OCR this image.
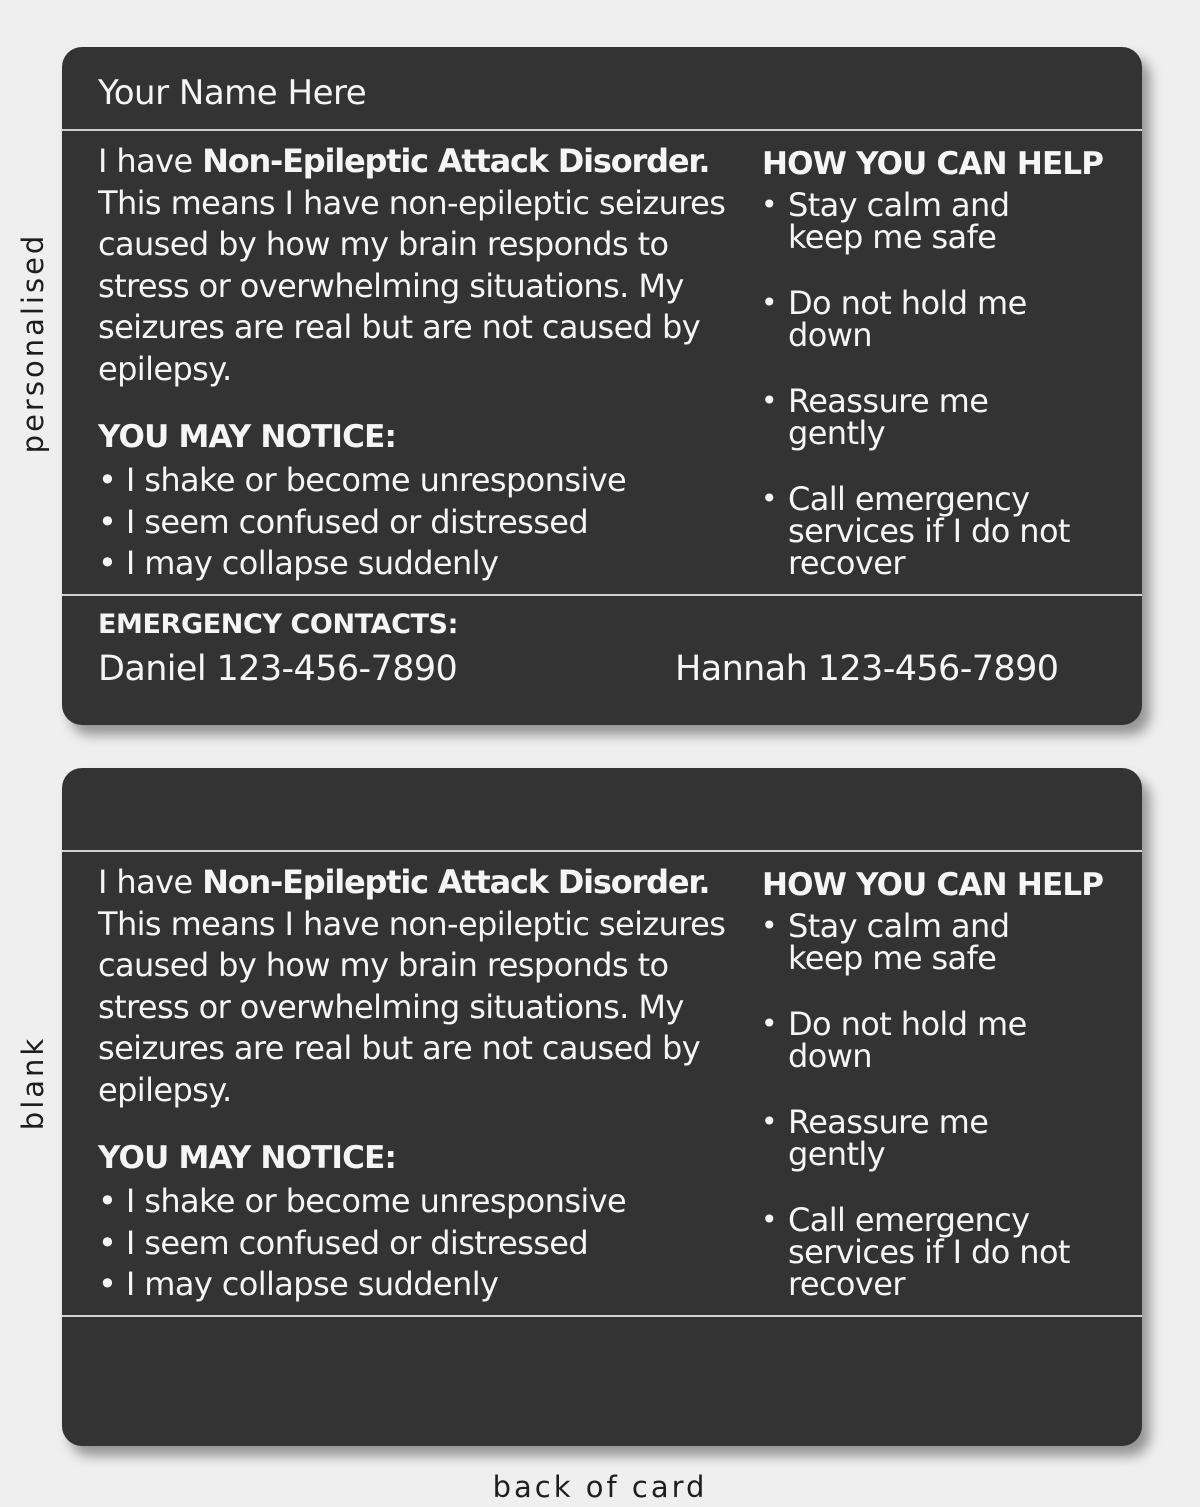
personalised
blank
Your Name Here
I have Non-Epileptic Attack Disorder. This means I have non-epileptic seizures caused by how my brain responds to stress or overwhelming situations. My seizures are real but are not caused by epilepsy.
YOU MAY NOTICE:
• I shake or become unresponsive
• I seem confused or distressed
• I may collapse suddenly
HOW YOU CAN HELP
• Stay calm and keep me safe
• Do not hold me down
• Reassure me gently
• Call emergency services if I do not recover
EMERGENCY CONTACTS:
Daniel 123-456-7890	Hannah 123-456-7890
I have Non-Epileptic Attack Disorder. This means I have non-epileptic seizures caused by how my brain responds to stress or overwhelming situations. My seizures are real but are not caused by epilepsy.
YOU MAY NOTICE:
• I shake or become unresponsive
• I seem confused or distressed
• I may collapse suddenly
HOW YOU CAN HELP
• Stay calm and keep me safe
• Do not hold me down
• Reassure me gently
• Call emergency services if I do not recover
back of card
